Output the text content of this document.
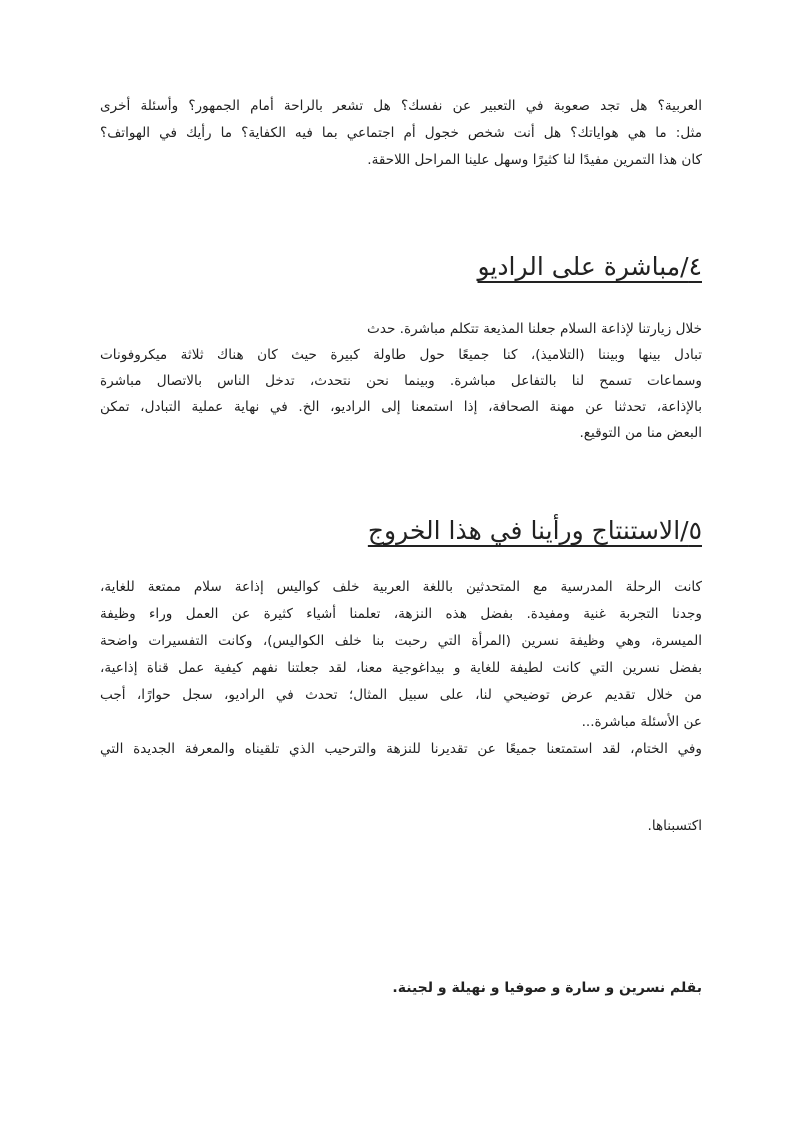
العربية؟ هل تجد صعوبة في التعبير عن نفسك؟ هل تشعر بالراحة أمام الجمهور؟ وأسئلة أخرى
مثل: ما هي هواياتك؟ هل أنت شخص خجول أم اجتماعي بما فيه الكفاية؟ ما رأيك في الهواتف؟
كان هذا التمرين مفيدًا لنا كثيرًا وسهل علينا المراحل اللاحقة.
٤/مباشرة على الراديو
خلال زيارتنا لإذاعة السلام جعلنا المذيعة تتكلم مباشرة. حدث
تبادل بينها وبيننا (التلاميذ)، كنا جميعًا حول طاولة كبيرة حيث كان هناك ثلاثة ميكروفونات
وسماعات تسمح لنا بالتفاعل مباشرة. وبينما نحن نتحدث، تدخل الناس بالاتصال مباشرة
بالإذاعة، تحدثنا عن مهنة الصحافة، إذا استمعنا إلى الراديو، الخ. في نهاية عملية التبادل، تمكن
البعض منا من التوقيع.
٥/الاستنتاج ورأينا في هذا الخروج
كانت الرحلة المدرسية مع المتحدثين باللغة العربية خلف كواليس إذاعة سلام ممتعة للغاية،
وجدنا التجربة غنية ومفيدة. بفضل هذه النزهة، تعلمنا أشياء كثيرة عن العمل وراء وظيفة
الميسرة، وهي وظيفة نسرين (المرأة التي رحبت بنا خلف الكواليس)، وكانت التفسيرات واضحة
بفضل نسرين التي كانت لطيفة للغاية و بيداغوجية معنا، لقد جعلتنا نفهم كيفية عمل قناة إذاعية،
من خلال تقديم عرض توضيحي لنا، على سبيل المثال؛ تحدث في الراديو، سجل حوارًا، أجب
عن الأسئلة مباشرة...
وفي الختام، لقد استمتعنا جميعًا عن تقديرنا للنزهة والترحيب الذي تلقيناه والمعرفة الجديدة التي
اكتسبناها.
بقلم نسرين و سارة و صوفيا و نهيلة و لجينة.
